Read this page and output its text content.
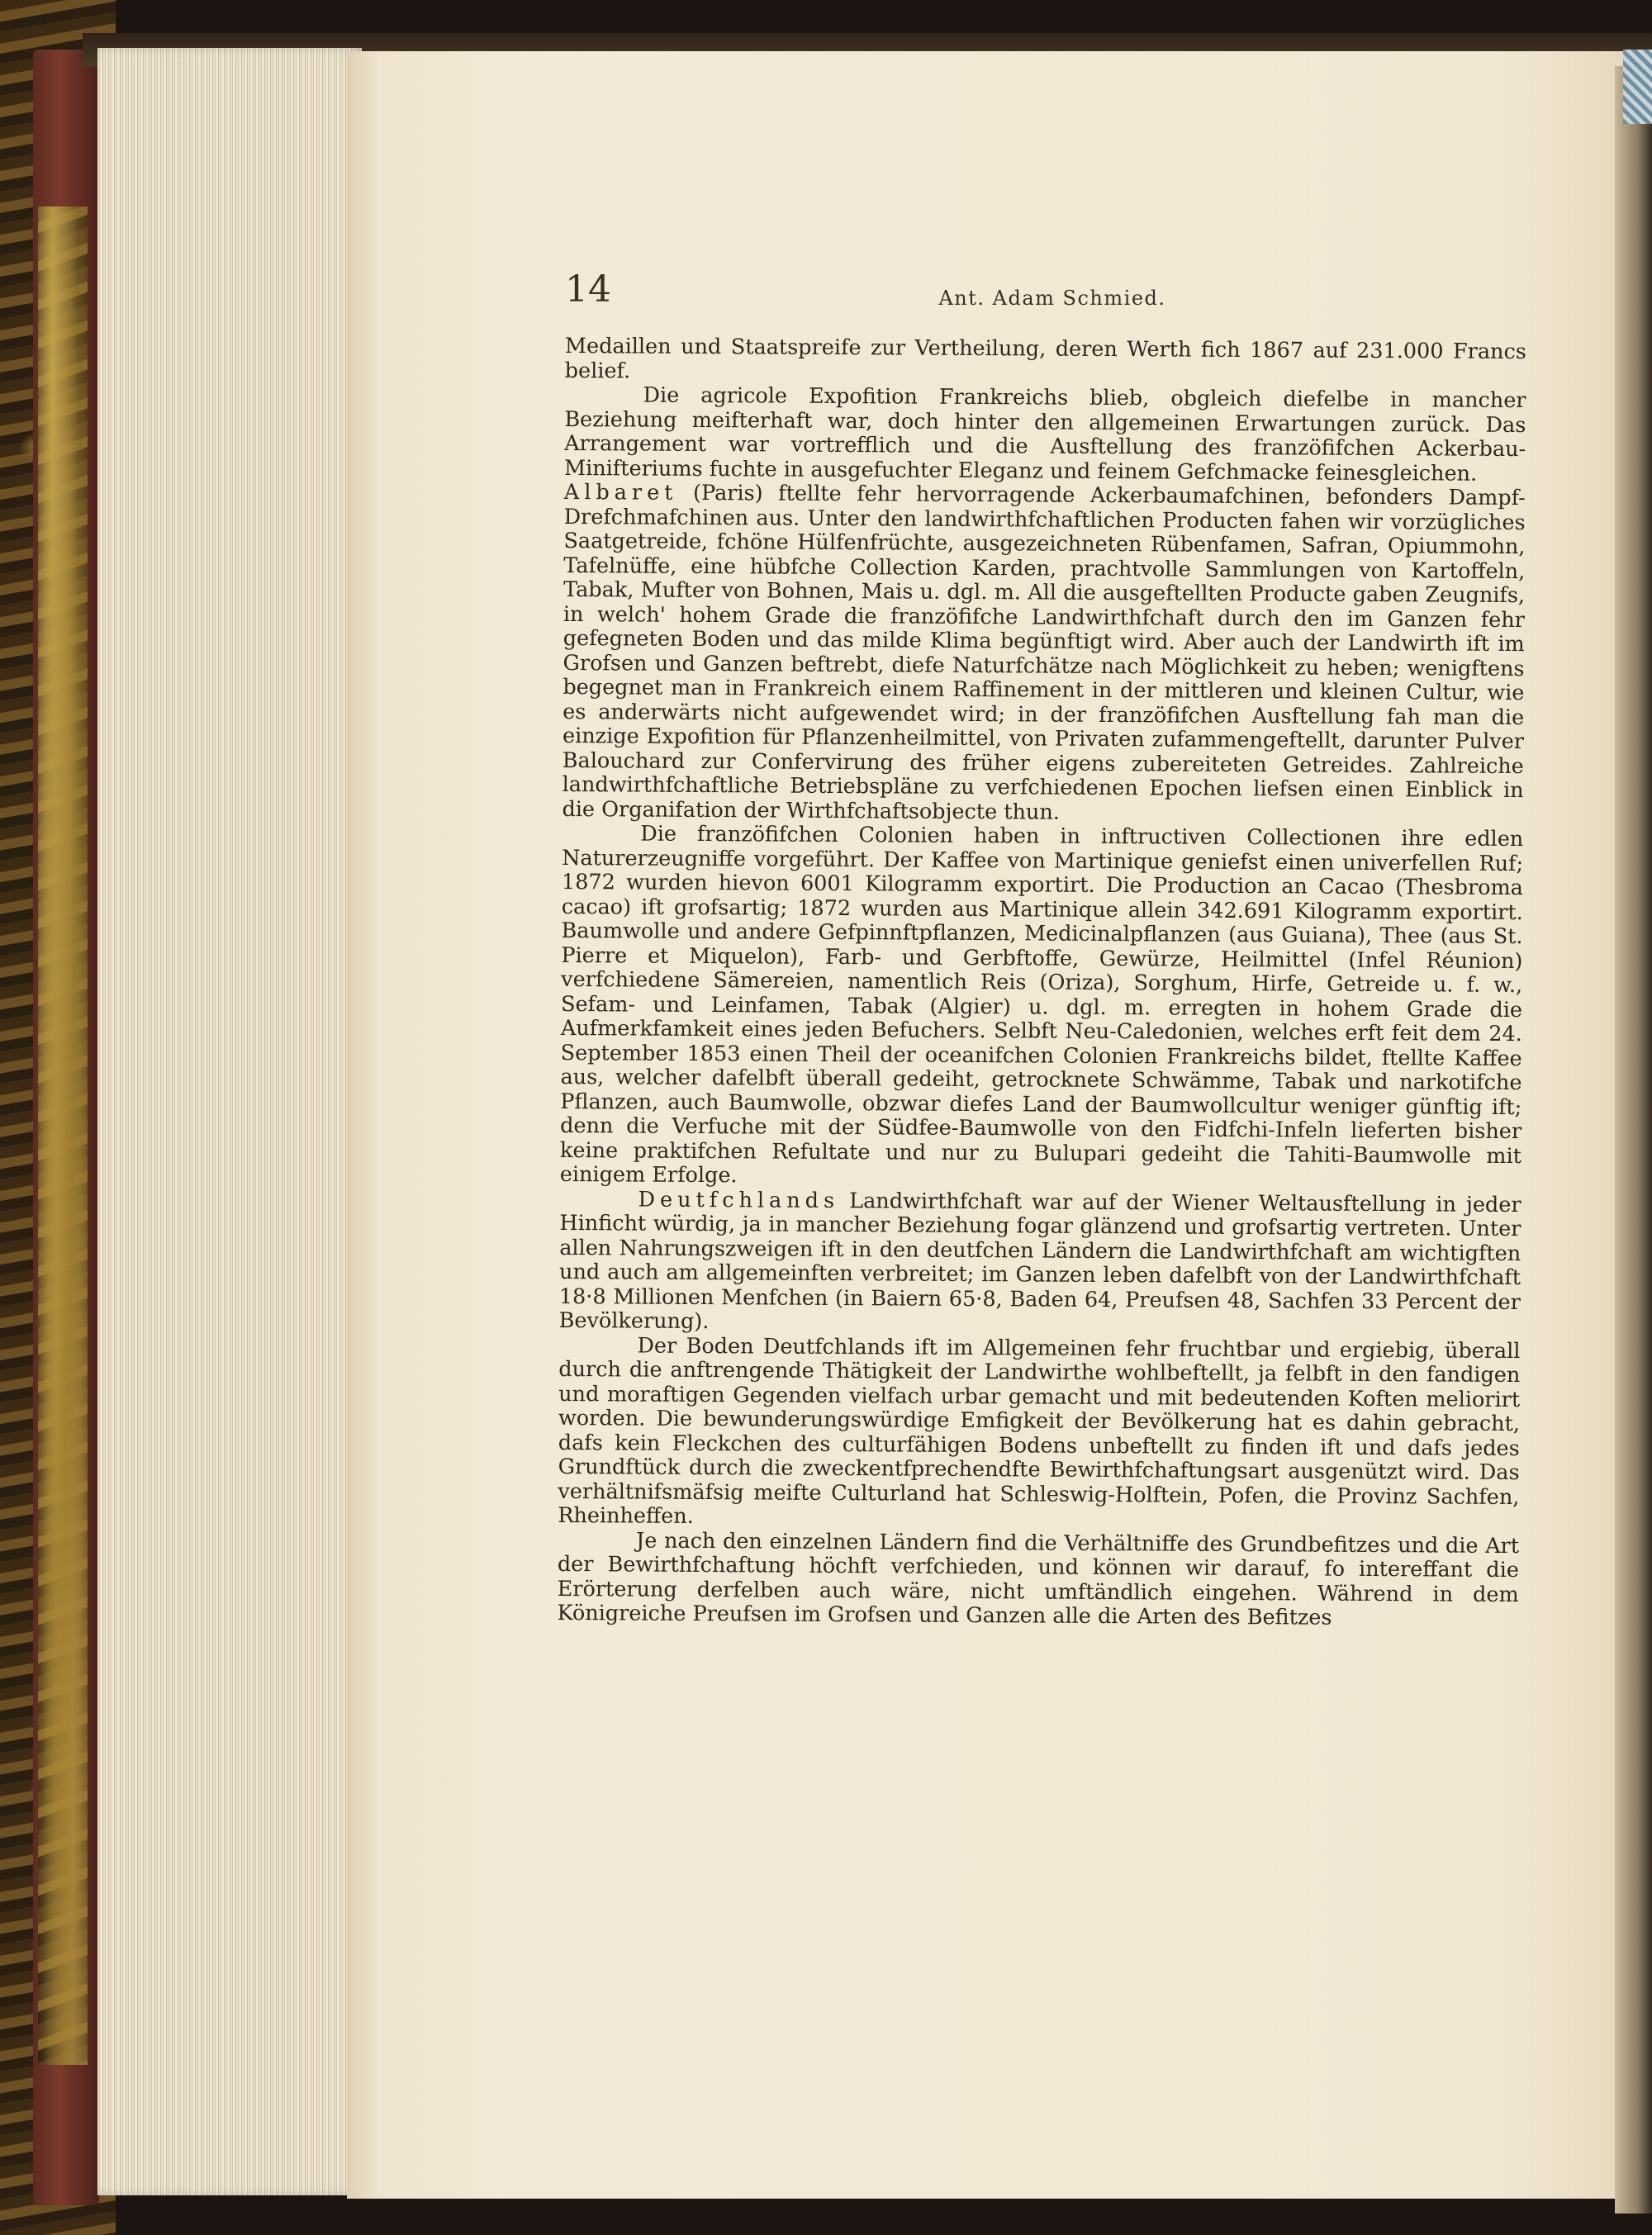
14	Ant. Adam Schmied.

Medaillen und Staatspreife zur Vertheilung, deren Werth fich 1867 auf 231.000 Francs belief.

Die agricole Expofition Frankreichs blieb, obgleich diefelbe in mancher Beziehung meifterhaft war, doch hinter den allgemeinen Erwartungen zurück. Das Arrangement war vortrefflich und die Ausftellung des franzöfifchen Ackerbau-Minifteriums fuchte in ausgefuchter Eleganz und feinem Gefchmacke feinesgleichen.

Albaret (Paris) ftellte fehr hervorragende Ackerbaumafchinen, befonders Dampf-Drefchmafchinen aus. Unter den landwirthfchaftlichen Producten fahen wir vorzügliches Saatgetreide, fchöne Hülfenfrüchte, ausgezeichneten Rübenfamen, Safran, Opiummohn, Tafelnüffe, eine hübfche Collection Karden, prachtvolle Sammlungen von Kartoffeln, Tabak, Mufter von Bohnen, Mais u. dgl. m. All die ausgeftellten Producte gaben Zeugnifs, in welch' hohem Grade die franzöfifche Landwirthfchaft durch den im Ganzen fehr gefegneten Boden und das milde Klima begünftigt wird. Aber auch der Landwirth ift im Grofsen und Ganzen beftrebt, diefe Naturfchätze nach Möglichkeit zu heben; wenigftens begegnet man in Frankreich einem Raffinement in der mittleren und kleinen Cultur, wie es anderwärts nicht aufgewendet wird; in der franzöfifchen Ausftellung fah man die einzige Expofition für Pflanzenheilmittel, von Privaten zufammengeftellt, darunter Pulver Balouchard zur Confervirung des früher eigens zubereiteten Getreides. Zahlreiche landwirthfchaftliche Betriebspläne zu verfchiedenen Epochen liefsen einen Einblick in die Organifation der Wirthfchaftsobjecte thun.

Die franzöfifchen Colonien haben in inftructiven Collectionen ihre edlen Naturerzeugniffe vorgeführt. Der Kaffee von Martinique geniefst einen univerfellen Ruf; 1872 wurden hievon 6001 Kilogramm exportirt. Die Production an Cacao (Thesbroma cacao) ift grofsartig; 1872 wurden aus Martinique allein 342.691 Kilogramm exportirt. Baumwolle und andere Gefpinnftpflanzen, Medicinalpflanzen (aus Guiana), Thee (aus St. Pierre et Miquelon), Farb- und Gerbftoffe, Gewürze, Heilmittel (Infel Réunion) verfchiedene Sämereien, namentlich Reis (Oriza), Sorghum, Hirfe, Getreide u. f. w., Sefam- und Leinfamen, Tabak (Algier) u. dgl. m. erregten in hohem Grade die Aufmerkfamkeit eines jeden Befuchers. Selbft Neu-Caledonien, welches erft feit dem 24. September 1853 einen Theil der oceanifchen Colonien Frankreichs bildet, ftellte Kaffee aus, welcher dafelbft überall gedeiht, getrocknete Schwämme, Tabak und narkotifche Pflanzen, auch Baumwolle, obzwar diefes Land der Baumwollcultur weniger günftig ift; denn die Verfuche mit der Südfee-Baumwolle von den Fidfchi-Infeln lieferten bisher keine praktifchen Refultate und nur zu Bulupari gedeiht die Tahiti-Baumwolle mit einigem Erfolge.

Deutfchlands Landwirthfchaft war auf der Wiener Weltausftellung in jeder Hinficht würdig, ja in mancher Beziehung fogar glänzend und grofsartig vertreten. Unter allen Nahrungszweigen ift in den deutfchen Ländern die Landwirthfchaft am wichtigften und auch am allgemeinften verbreitet; im Ganzen leben dafelbft von der Landwirthfchaft 18·8 Millionen Menfchen (in Baiern 65·8, Baden 64, Preufsen 48, Sachfen 33 Percent der Bevölkerung).

Der Boden Deutfchlands ift im Allgemeinen fehr fruchtbar und ergiebig, überall durch die anftrengende Thätigkeit der Landwirthe wohlbeftellt, ja felbft in den fandigen und moraftigen Gegenden vielfach urbar gemacht und mit bedeutenden Koften meliorirt worden. Die bewunderungswürdige Emfigkeit der Bevölkerung hat es dahin gebracht, dafs kein Fleckchen des culturfähigen Bodens unbeftellt zu finden ift und dafs jedes Grundftück durch die zweckentfprechendfte Bewirthfchaftungsart ausgenützt wird. Das verhältnifsmäfsig meifte Culturland hat Schleswig-Holftein, Pofen, die Provinz Sachfen, Rheinheffen.

Je nach den einzelnen Ländern find die Verhältniffe des Grundbefitzes und die Art der Bewirthfchaftung höchft verfchieden, und können wir darauf, fo intereffant die Erörterung derfelben auch wäre, nicht umftändlich eingehen. Während in dem Königreiche Preufsen im Grofsen und Ganzen alle die Arten des Befitzes
